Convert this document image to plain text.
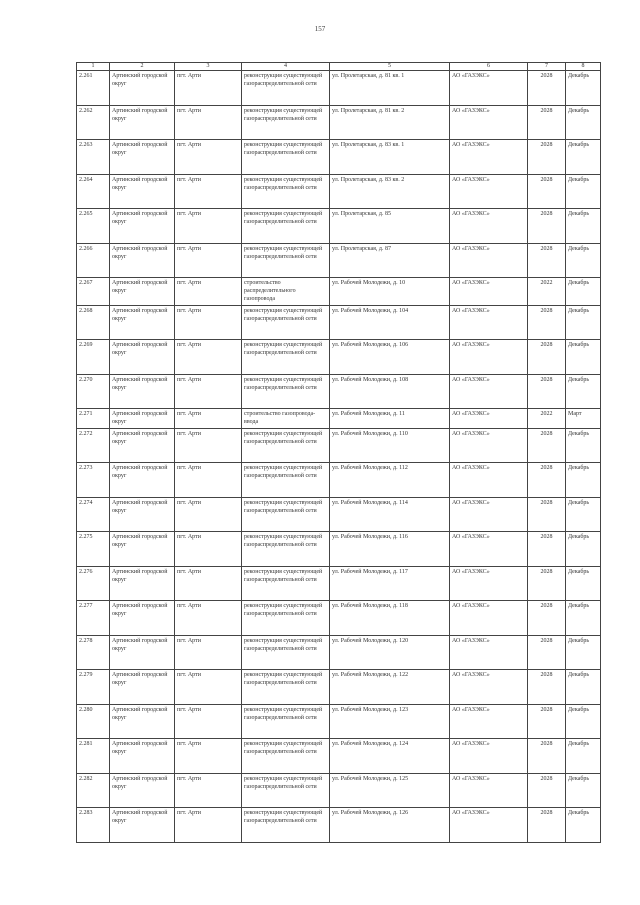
157
1	2	3	4	5	6	7	8
2.261	Артинский городской округ	пгт. Арти	реконструкция существующей газораспределительной сети	ул. Пролетарская, д. 81 кв. 1	АО «ГАЗЭКС»	2028	Декабрь
2.262	Артинский городской округ	пгт. Арти	реконструкция существующей газораспределительной сети	ул. Пролетарская, д. 81 кв. 2	АО «ГАЗЭКС»	2028	Декабрь
2.263	Артинский городской округ	пгт. Арти	реконструкция существующей газораспределительной сети	ул. Пролетарская, д. 83 кв. 1	АО «ГАЗЭКС»	2028	Декабрь
2.264	Артинский городской округ	пгт. Арти	реконструкция существующей газораспределительной сети	ул. Пролетарская, д. 83 кв. 2	АО «ГАЗЭКС»	2028	Декабрь
2.265	Артинский городской округ	пгт. Арти	реконструкция существующей газораспределительной сети	ул. Пролетарская, д. 85	АО «ГАЗЭКС»	2028	Декабрь
2.266	Артинский городской округ	пгт. Арти	реконструкция существующей газораспределительной сети	ул. Пролетарская, д. 87	АО «ГАЗЭКС»	2028	Декабрь
2.267	Артинский городской округ	пгт. Арти	строительство распределительного газопровода	ул. Рабочей Молодежи, д. 10	АО «ГАЗЭКС»	2022	Декабрь
2.268	Артинский городской округ	пгт. Арти	реконструкция существующей газораспределительной сети	ул. Рабочей Молодежи, д. 104	АО «ГАЗЭКС»	2028	Декабрь
2.269	Артинский городской округ	пгт. Арти	реконструкция существующей газораспределительной сети	ул. Рабочей Молодежи, д. 106	АО «ГАЗЭКС»	2028	Декабрь
2.270	Артинский городской округ	пгт. Арти	реконструкция существующей газораспределительной сети	ул. Рабочей Молодежи, д. 108	АО «ГАЗЭКС»	2028	Декабрь
2.271	Артинский городской округ	пгт. Арти	строительство газопровода-ввода	ул. Рабочей Молодежи, д. 11	АО «ГАЗЭКС»	2022	Март
2.272	Артинский городской округ	пгт. Арти	реконструкция существующей газораспределительной сети	ул. Рабочей Молодежи, д. 110	АО «ГАЗЭКС»	2028	Декабрь
2.273	Артинский городской округ	пгт. Арти	реконструкция существующей газораспределительной сети	ул. Рабочей Молодежи, д. 112	АО «ГАЗЭКС»	2028	Декабрь
2.274	Артинский городской округ	пгт. Арти	реконструкция существующей газораспределительной сети	ул. Рабочей Молодежи, д. 114	АО «ГАЗЭКС»	2028	Декабрь
2.275	Артинский городской округ	пгт. Арти	реконструкция существующей газораспределительной сети	ул. Рабочей Молодежи, д. 116	АО «ГАЗЭКС»	2028	Декабрь
2.276	Артинский городской округ	пгт. Арти	реконструкция существующей газораспределительной сети	ул. Рабочей Молодежи, д. 117	АО «ГАЗЭКС»	2028	Декабрь
2.277	Артинский городской округ	пгт. Арти	реконструкция существующей газораспределительной сети	ул. Рабочей Молодежи, д. 118	АО «ГАЗЭКС»	2028	Декабрь
2.278	Артинский городской округ	пгт. Арти	реконструкция существующей газораспределительной сети	ул. Рабочей Молодежи, д. 120	АО «ГАЗЭКС»	2028	Декабрь
2.279	Артинский городской округ	пгт. Арти	реконструкция существующей газораспределительной сети	ул. Рабочей Молодежи, д. 122	АО «ГАЗЭКС»	2028	Декабрь
2.280	Артинский городской округ	пгт. Арти	реконструкция существующей газораспределительной сети	ул. Рабочей Молодежи, д. 123	АО «ГАЗЭКС»	2028	Декабрь
2.281	Артинский городской округ	пгт. Арти	реконструкция существующей газораспределительной сети	ул. Рабочей Молодежи, д. 124	АО «ГАЗЭКС»	2028	Декабрь
2.282	Артинский городской округ	пгт. Арти	реконструкция существующей газораспределительной сети	ул. Рабочей Молодежи, д. 125	АО «ГАЗЭКС»	2028	Декабрь
2.283	Артинский городской округ	пгт. Арти	реконструкция существующей газораспределительной сети	ул. Рабочей Молодежи, д. 126	АО «ГАЗЭКС»	2028	Декабрь
